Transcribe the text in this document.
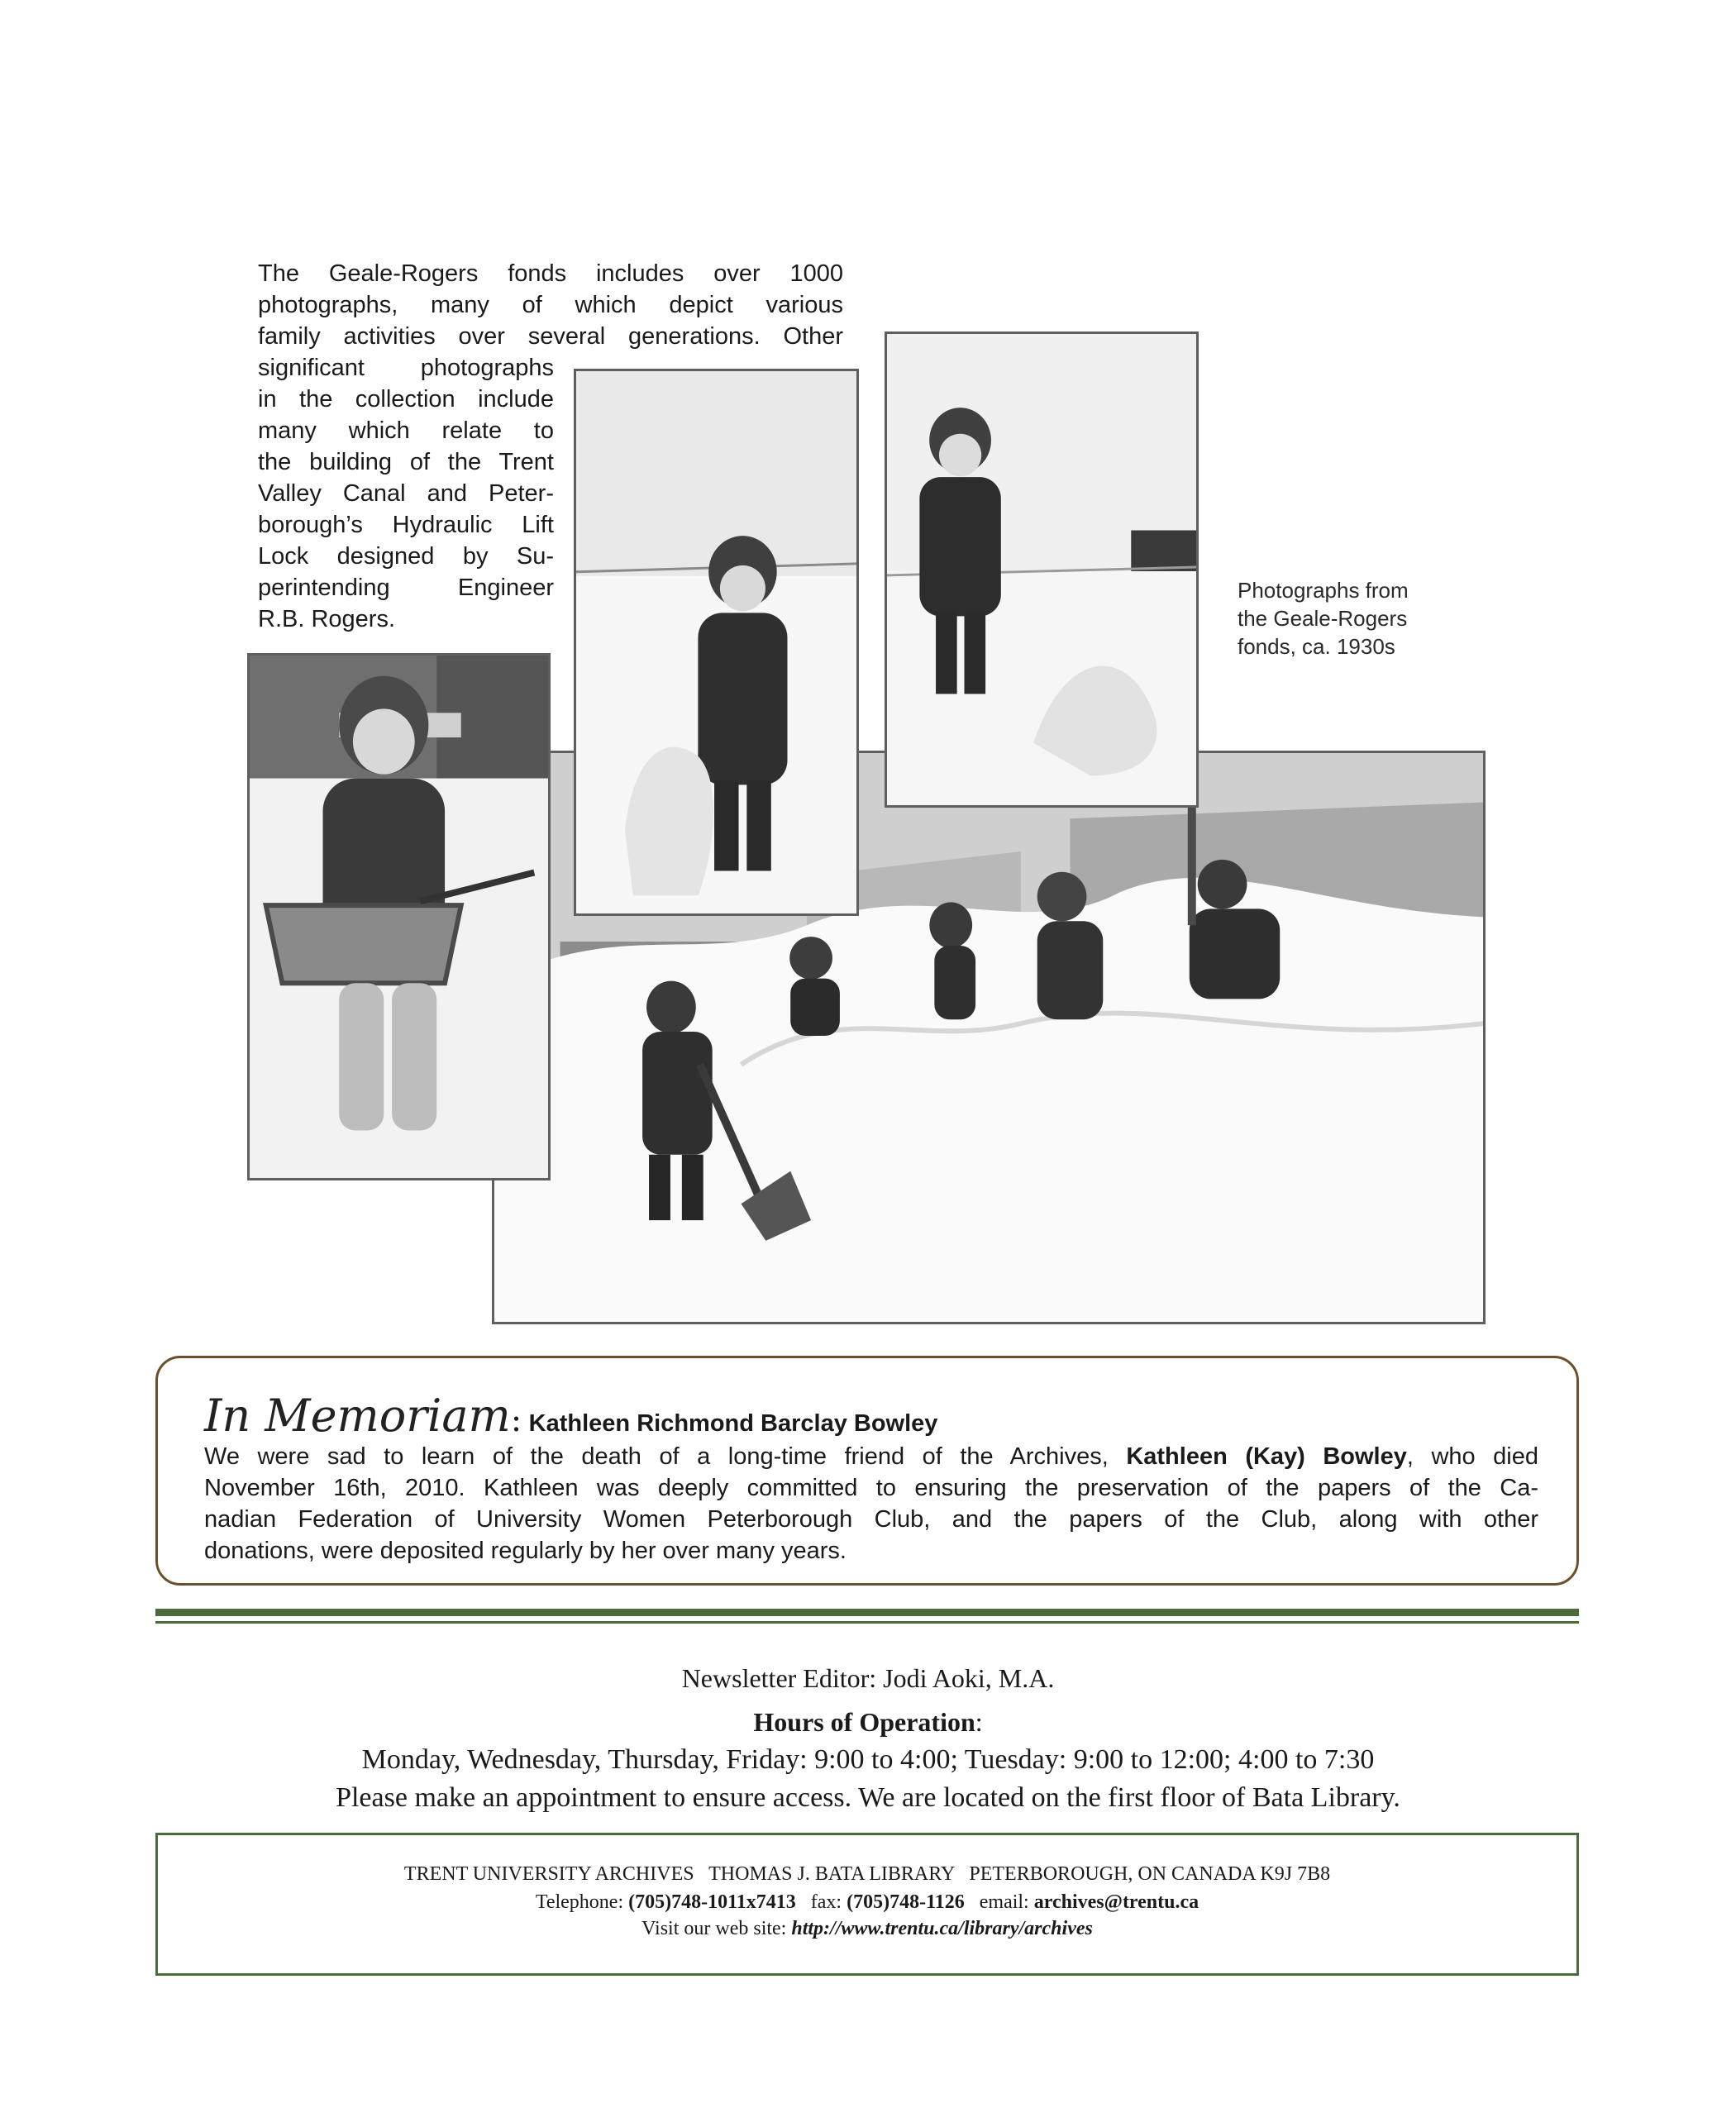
The Geale-Rogers fonds includes over 1000
photographs, many of which depict various
family activities over several generations. Other
significant photographs
in the collection include
many which relate to
the building of the Trent
Valley Canal and Peter-
borough’s Hydraulic Lift
Lock designed by Su-
perintending Engineer
R.B. Rogers.
Photographs from
the Geale-Rogers
fonds, ca. 1930s
In Memoriam: Kathleen Richmond Barclay Bowley
We were sad to learn of the death of a long-time friend of the Archives, Kathleen (Kay) Bowley, who died
November 16th, 2010. Kathleen was deeply committed to ensuring the preservation of the papers of the Ca-
nadian Federation of University Women Peterborough Club, and the papers of the Club, along with other
donations, were deposited regularly by her over many years.
Newsletter Editor: Jodi Aoki, M.A.
Hours of Operation:
Monday, Wednesday, Thursday, Friday: 9:00 to 4:00; Tuesday: 9:00 to 12:00; 4:00 to 7:30
Please make an appointment to ensure access. We are located on the first floor of Bata Library.
TRENT UNIVERSITY ARCHIVES   THOMAS J. BATA LIBRARY   PETERBOROUGH, ON CANADA K9J 7B8
Telephone: (705)748-1011x7413 fax: (705)748-1126 email: archives@trentu.ca
Visit our web site: http://www.trentu.ca/library/archives
